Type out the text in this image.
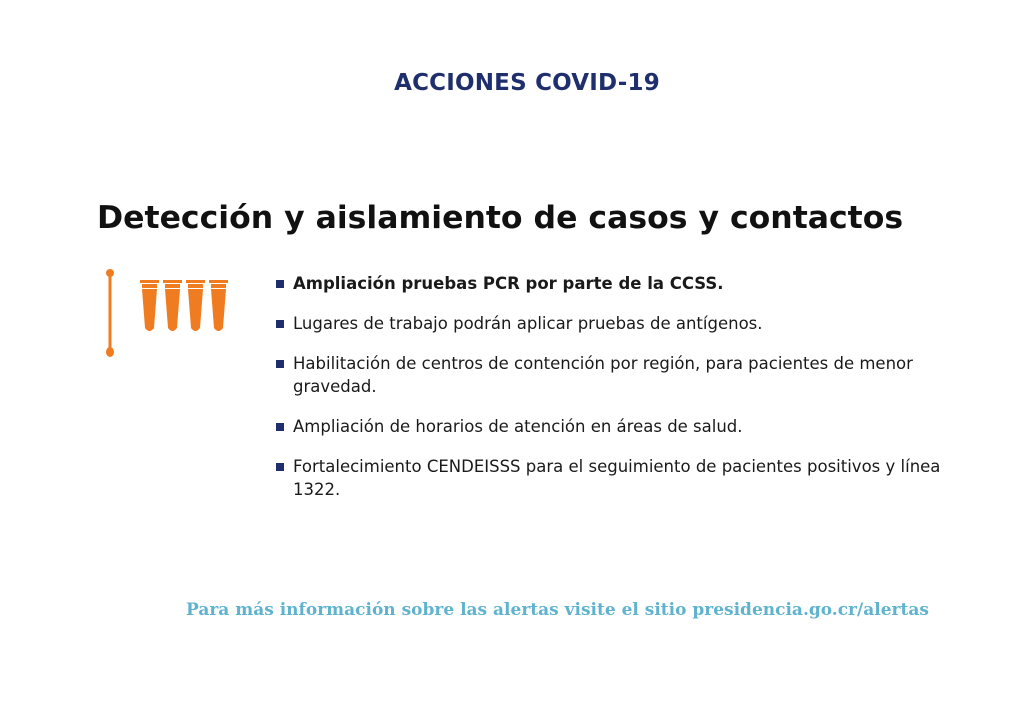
ACCIONES COVID-19
Detección y aislamiento de casos y contactos
Ampliación pruebas PCR por parte de la CCSS.
Lugares de trabajo podrán aplicar pruebas de antígenos.
Habilitación de centros de contención por región, para pacientes de menor gravedad.
Ampliación de horarios de atención en áreas de salud.
Fortalecimiento CENDEISSS para el seguimiento de pacientes positivos y línea 1322.
Para más información sobre las alertas visite el sitio presidencia.go.cr/alertas
